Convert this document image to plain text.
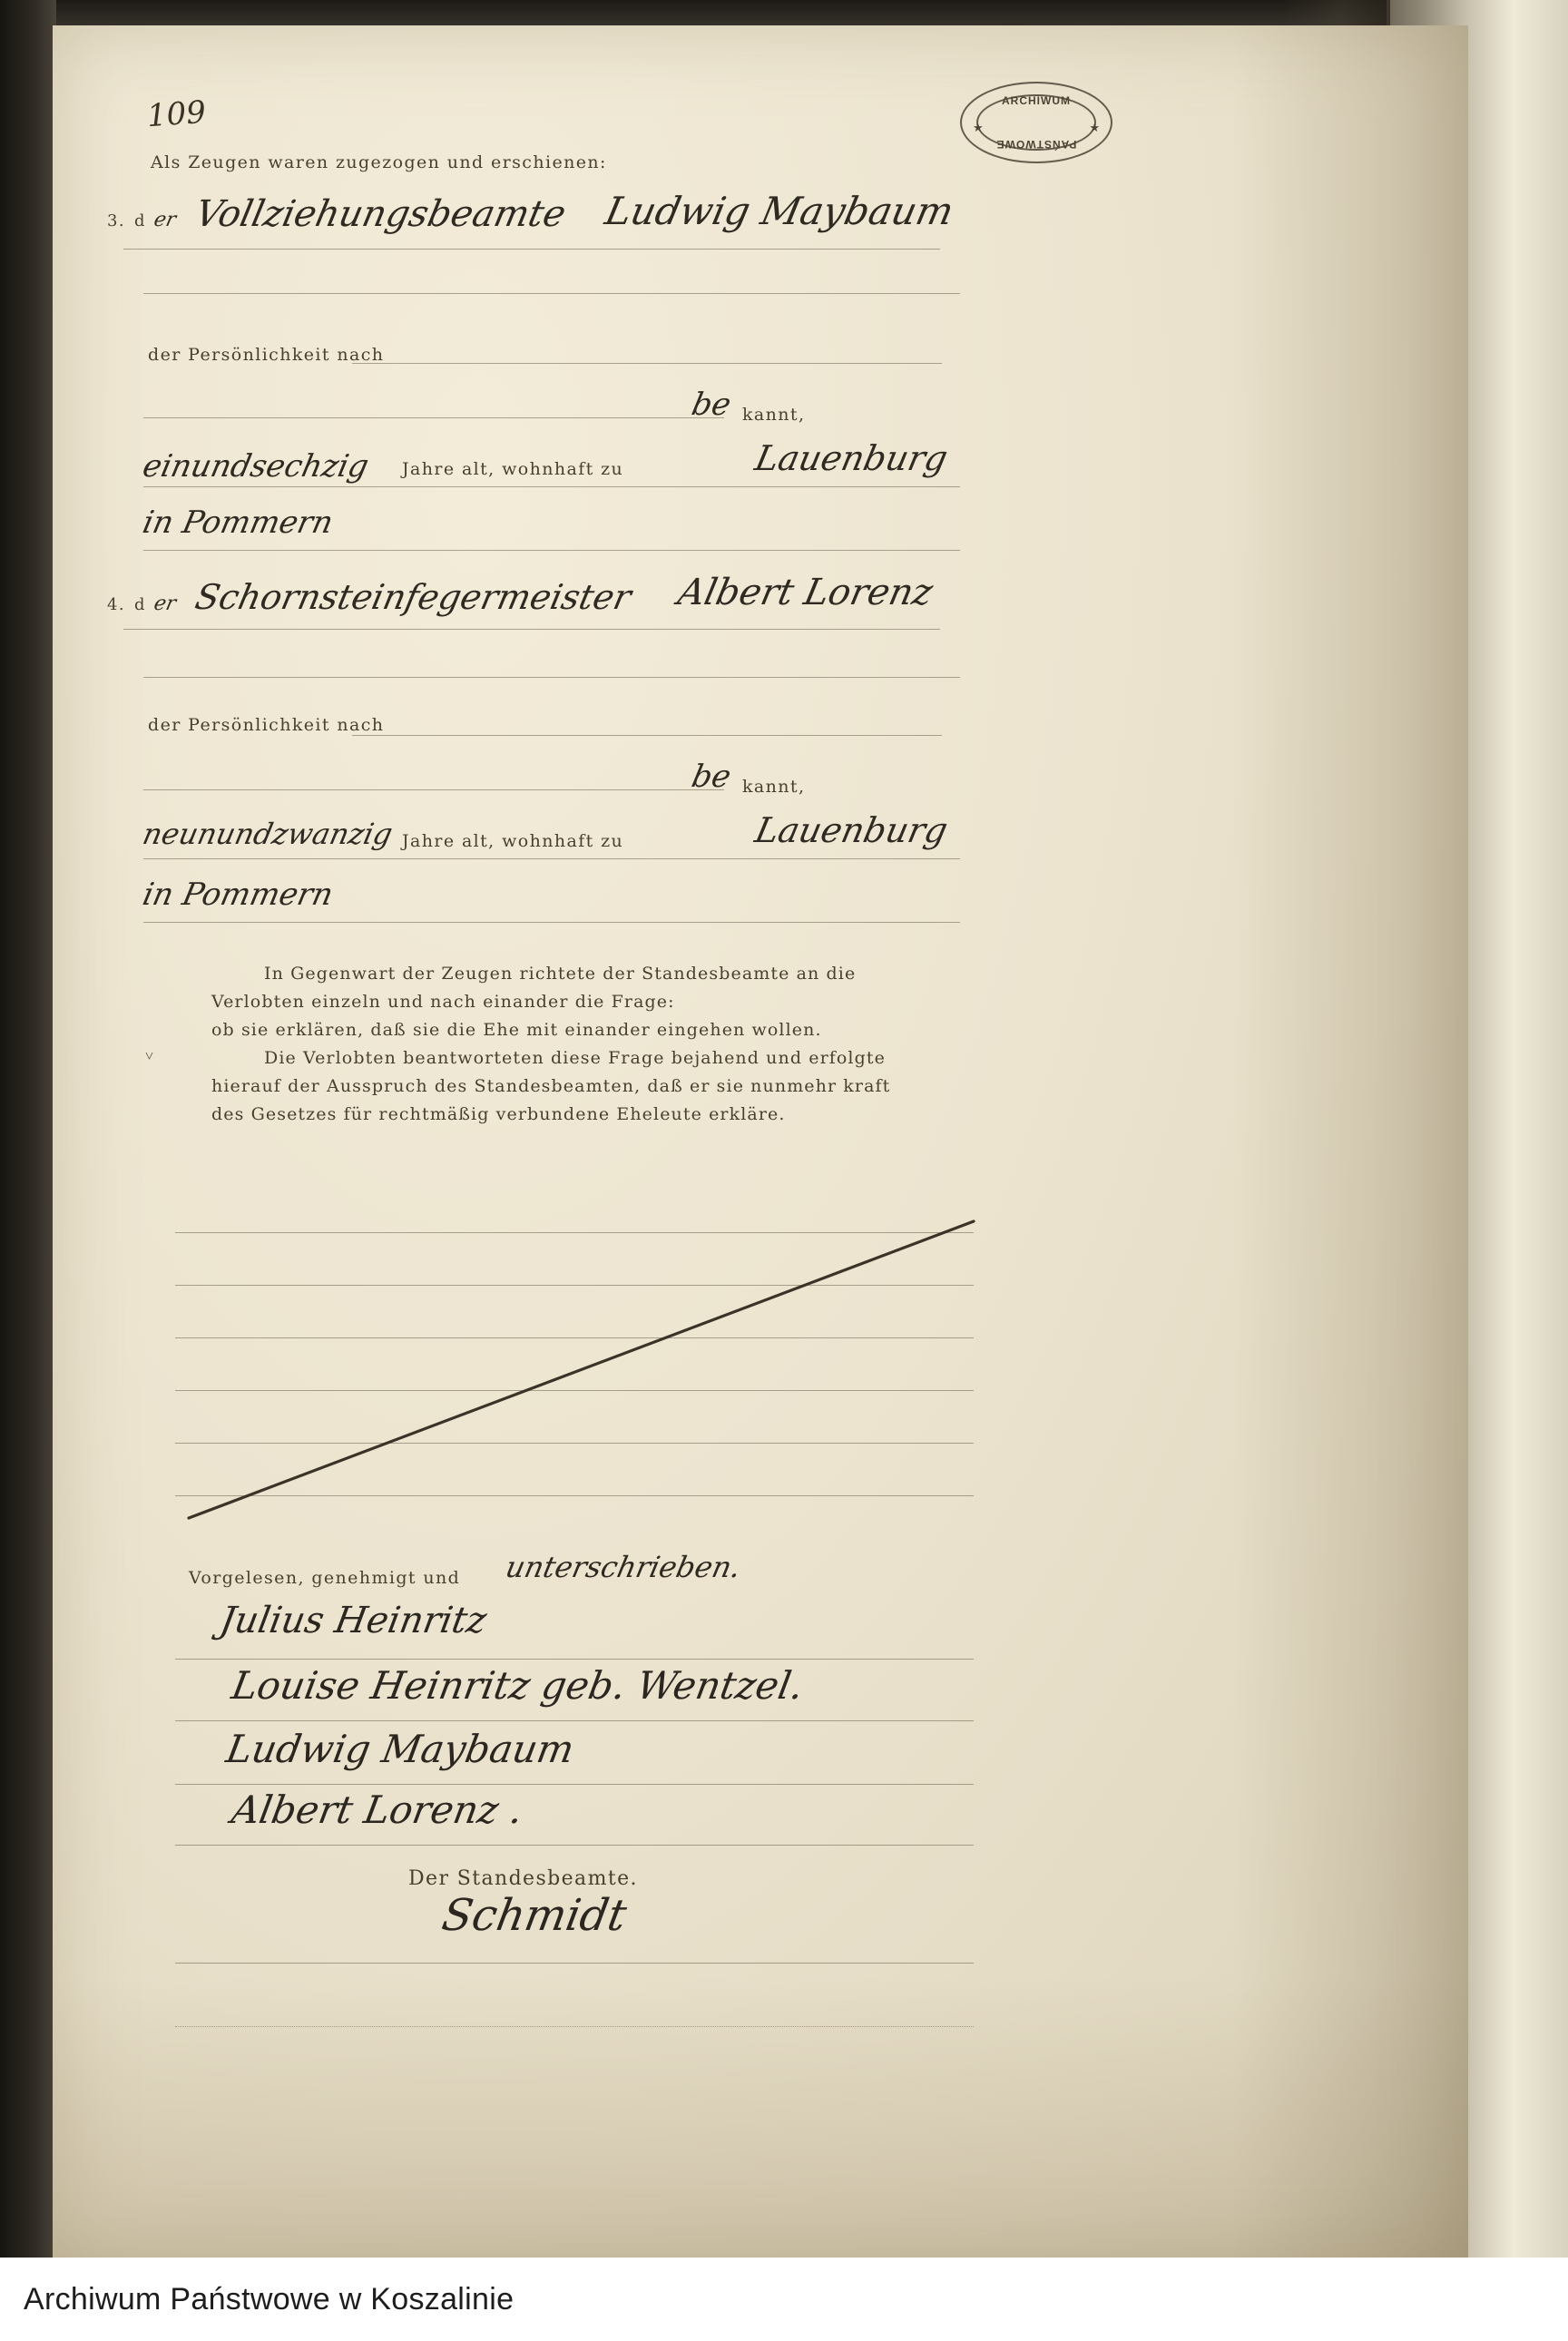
109	ARCHIWUM
PAŃSTWOWE
★	★
Als Zeugen waren zugezogen und erschienen:
3. d er Vollziehungsbeamte Ludwig Maybaum
der Persönlichkeit nach
be kannt,
einundsechzig Jahre alt, wohnhaft zu	Lauenburg
in Pommern
4. d er Schornsteinfegermeister Albert Lorenz
der Persönlichkeit nach
be kannt,
neunundzwanzig Jahre alt, wohnhaft zu	Lauenburg
in Pommern
In Gegenwart der Zeugen richtete der Standesbeamte an die
Verlobten einzeln und nach einander die Frage:
ob sie erklären, daß sie die Ehe mit einander eingehen wollen.
Die Verlobten beantworteten diese Frage bejahend und erfolgte
hierauf der Ausspruch des Standesbeamten, daß er sie nunmehr kraft
des Gesetzes für rechtmäßig verbundene Eheleute erkläre.
˅
Vorgelesen, genehmigt und unterschrieben.
Julius Heinritz
Louise Heinritz geb. Wentzel.
Ludwig Maybaum
Albert Lorenz .
Der Standesbeamte.
Schmidt
Archiwum Państwowe w Koszalinie
